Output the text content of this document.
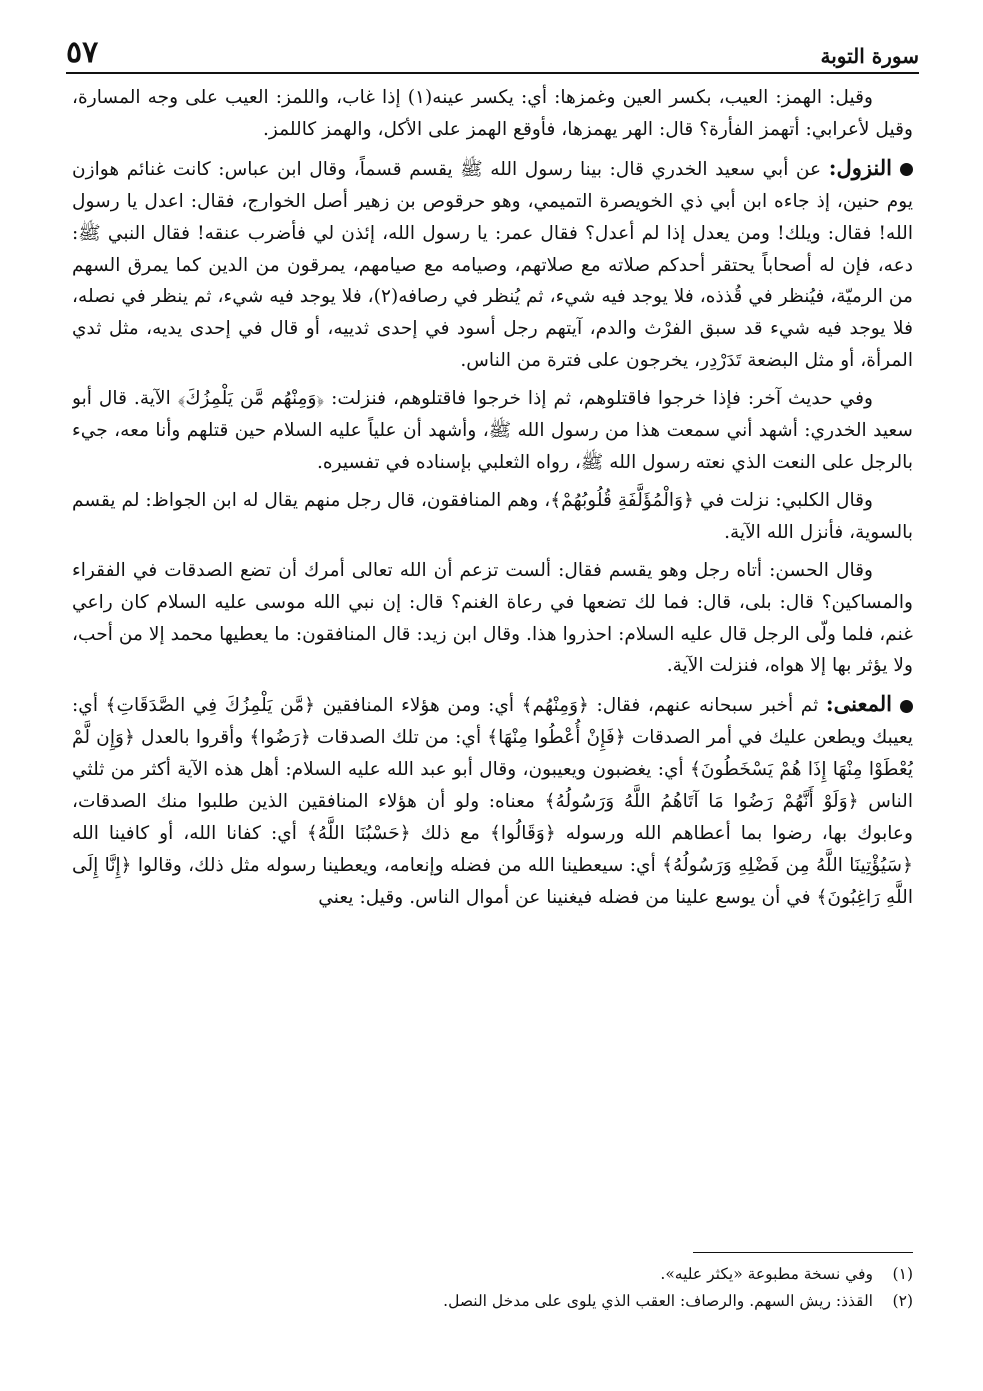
سورة التوبة
٥٧

وقيل: الهمز: العيب، بكسر العين وغمزها: أي: يكسر عينه(١) إذا غاب، واللمز: العيب على وجه المسارة، وقيل لأعرابي: أتهمز الفأرة؟ قال: الهر يهمزها، فأوقع الهمز على الأكل، والهمز كاللمز.

النزول: عن أبي سعيد الخدري قال: بينا رسول الله ﷺ يقسم قسماً، وقال ابن عباس: كانت غنائم هوازن يوم حنين، إذ جاءه ابن أبي ذي الخويصرة التميمي، وهو حرقوص بن زهير أصل الخوارج، فقال: اعدل يا رسول الله! فقال: ويلك! ومن يعدل إذا لم أعدل؟ فقال عمر: يا رسول الله، إئذن لي فأضرب عنقه! فقال النبي ﷺ: دعه، فإن له أصحاباً يحتقر أحدكم صلاته مع صلاتهم، وصيامه مع صيامهم، يمرقون من الدين كما يمرق السهم من الرميّة، فيُنظر في قُذذه، فلا يوجد فيه شيء، ثم يُنظر في رصافه(٢)، فلا يوجد فيه شيء، ثم ينظر في نصله، فلا يوجد فيه شيء قد سبق الفرْث والدم، آيتهم رجل أسود في إحدى ثدييه، أو قال في إحدى يديه، مثل ثدي المرأة، أو مثل البضعة تَدَرْدِر، يخرجون على فترة من الناس.

وفي حديث آخر: فإذا خرجوا فاقتلوهم، ثم إذا خرجوا فاقتلوهم، فنزلت: ﴿وَمِنْهُم مَّن يَلْمِزُكَ﴾ الآية. قال أبو سعيد الخدري: أشهد أني سمعت هذا من رسول الله ﷺ، وأشهد أن علياً عليه السلام حين قتلهم وأنا معه، جيء بالرجل على النعت الذي نعته رسول الله ﷺ، رواه الثعلبي بإسناده في تفسيره.

وقال الكلبي: نزلت في ﴿وَالْمُؤَلَّفَةِ قُلُوبُهُمْ﴾، وهم المنافقون، قال رجل منهم يقال له ابن الجواظ: لم يقسم بالسوية، فأنزل الله الآية.

وقال الحسن: أتاه رجل وهو يقسم فقال: ألست تزعم أن الله تعالى أمرك أن تضع الصدقات في الفقراء والمساكين؟ قال: بلى، قال: فما لك تضعها في رعاة الغنم؟ قال: إن نبي الله موسى عليه السلام كان راعي غنم، فلما ولّى الرجل قال عليه السلام: احذروا هذا. وقال ابن زيد: قال المنافقون: ما يعطيها محمد إلا من أحب، ولا يؤثر بها إلا هواه، فنزلت الآية.

المعنى: ثم أخبر سبحانه عنهم، فقال: ﴿وَمِنْهُم﴾ أي: ومن هؤلاء المنافقين ﴿مَّن يَلْمِزُكَ فِي الصَّدَقَاتِ﴾ أي: يعيبك ويطعن عليك في أمر الصدقات ﴿فَإِنْ أُعْطُوا مِنْهَا﴾ أي: من تلك الصدقات ﴿رَضُوا﴾ وأقروا بالعدل ﴿وَإِن لَّمْ يُعْطَوْا مِنْهَا إِذَا هُمْ يَسْخَطُونَ﴾ أي: يغضبون ويعيبون، وقال أبو عبد الله عليه السلام: أهل هذه الآية أكثر من ثلثي الناس ﴿وَلَوْ أَنَّهُمْ رَضُوا مَا آتَاهُمُ اللَّهُ وَرَسُولُهُ﴾ معناه: ولو أن هؤلاء المنافقين الذين طلبوا منك الصدقات، وعابوك بها، رضوا بما أعطاهم الله ورسوله ﴿وَقَالُوا﴾ مع ذلك ﴿حَسْبُنَا اللَّهُ﴾ أي: كفانا الله، أو كافينا الله ﴿سَيُؤْتِينَا اللَّهُ مِن فَضْلِهِ وَرَسُولُهُ﴾ أي: سيعطينا الله من فضله وإنعامه، ويعطينا رسوله مثل ذلك، وقالوا ﴿إِنَّا إِلَى اللَّهِ رَاغِبُونَ﴾ في أن يوسع علينا من فضله فيغنينا عن أموال الناس. وقيل: يعني

(١)
وفي نسخة مطبوعة «يكثر عليه».
(٢)
القذذ: ريش السهم. والرصاف: العقب الذي يلوى على مدخل النصل.
